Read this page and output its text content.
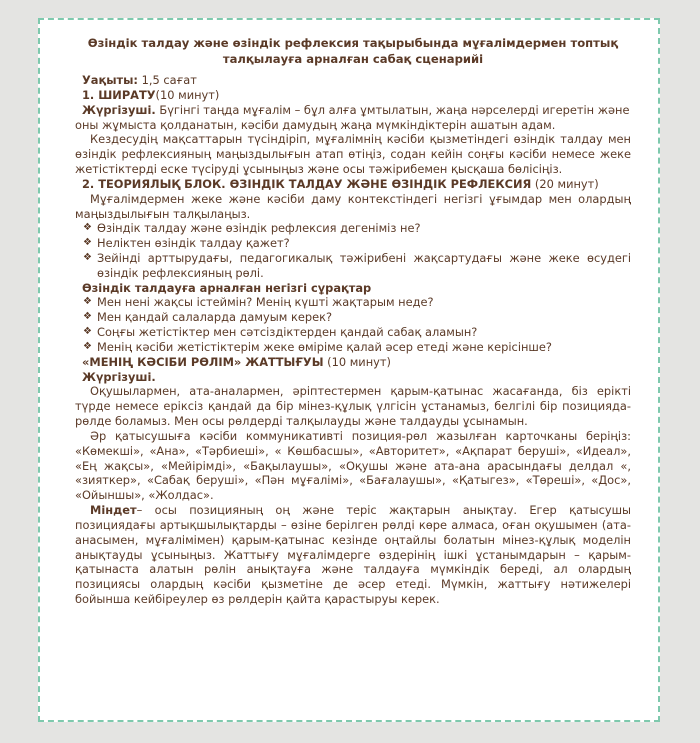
Өзіндік талдау және өзіндік рефлексия тақырыбында мұғалімдермен топтық талқылауға арналған сабақ сценарийі

Уақыты: 1,5 сағат

1. ШИРАТУ(10 минут)

Жүргізуші. Бүгінгі таңда мұғалім – бұл алға ұмтылатын, жаңа нәрселерді игеретін және оны жұмыста қолданатын, кәсіби дамудың жаңа мүмкіндіктерін ашатын адам.

Кездесудің мақсаттарын түсіндіріп, мұғалімнің кәсіби қызметіндегі өзіндік талдау мен өзіндік рефлексияның маңыздылығын атап өтіңіз, содан кейін соңғы кәсіби немесе жеке жетістіктерді еске түсіруді ұсыныңыз және осы тәжірибемен қысқаша бөлісіңіз.

2. ТЕОРИЯЛЫҚ БЛОК. ӨЗІНДІК ТАЛДАУ ЖӘНЕ ӨЗІНДІК РЕФЛЕКСИЯ (20 минут)

Мұғалімдермен жеке және кәсіби даму контекстіндегі негізгі ұғымдар мен олардың маңыздылығын талқылаңыз.

❖ Өзіндік талдау және өзіндік рефлексия дегеніміз не?
❖ Неліктен өзіндік талдау қажет?
❖ Зейінді арттырудағы, педагогикалық тәжірибені жақсартудағы және жеке өсудегі өзіндік рефлексияның рөлі.

Өзіндік талдауға арналған негізгі сұрақтар

❖ Мен нені жақсы істеймін? Менің күшті жақтарым неде?
❖ Мен қандай салаларда дамуым керек?
❖ Соңғы жетістіктер мен сәтсіздіктерден қандай сабақ аламын?
❖ Менің кәсіби жетістіктерім жеке өміріме қалай әсер етеді және керісінше?

«МЕНІҢ КӘСІБИ РӨЛІМ» ЖАТТЫҒУЫ (10 минут)

Жүргізуші.

Оқушылармен, ата-аналармен, әріптестермен қарым-қатынас жасағанда, біз ерікті түрде немесе еріксіз қандай да бір мінез-құлық үлгісін ұстанамыз, белгілі бір позицияда-рөлде боламыз. Мен осы рөлдерді талқылауды және талдауды ұсынамын.

Әр қатысушыға кәсіби коммуникативті позиция-рөл жазылған карточканы беріңіз: «Көмекші», «Ана», «Тәрбиеші», « Көшбасшы», «Авторитет», «Ақпарат беруші», «Идеал», «Ең жақсы», «Мейірімді», «Бақылаушы», «Оқушы және ата-ана арасындағы делдал «, «зияткер», «Сабақ беруші», «Пән мұғалімі», «Бағалаушы», «Қатыгез», «Төреші», «Дос», «Ойыншы», «Жолдас».

Міндет– осы позицияның оң және теріс жақтарын анықтау. Егер қатысушы позициядағы артықшылықтарды – өзіне берілген рөлді көре алмаса, оған оқушымен (ата-анасымен, мұғалімімен) қарым-қатынас кезінде оңтайлы болатын мінез-құлық моделін анықтауды ұсыныңыз. Жаттығу мұғалімдерге өздерінің ішкі ұстанымдарын – қарым-қатынаста алатын рөлін анықтауға және талдауға мүмкіндік береді, ал олардың позициясы олардың кәсіби қызметіне де әсер етеді. Мүмкін, жаттығу нәтижелері бойынша кейбіреулер өз рөлдерін қайта қарастыруы керек.
